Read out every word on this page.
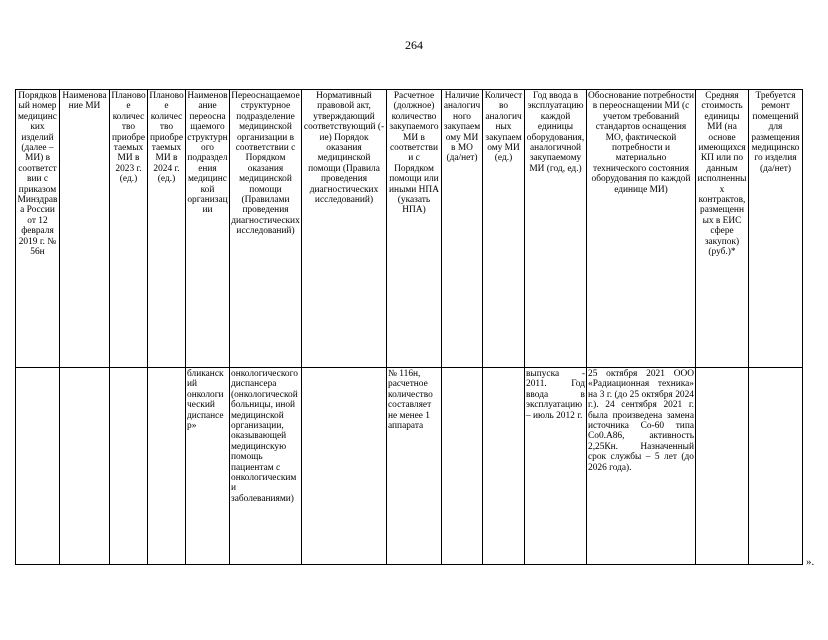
264
Порядковый номер медицинских изделий (далее – МИ) в соответствии с приказом Минздрава России от 12 февраля 2019 г. № 56н	Наименование МИ	Плановое количество приобретаемых МИ в 2023 г. (ед.)	Плановое количество приобретаемых МИ в 2024 г. (ед.)	Наименование переоснащаемого структурного подразделения медицинской организации	Переоснащаемое структурное подразделение медицинской организации в соответствии с Порядком оказания медицинской помощи (Правилами проведения диагностических исследований)	Нормативный правовой акт, утверждающий соответствующий (-ие) Порядок оказания медицинской помощи (Правила проведения диагностических исследований)	Расчетное (должное) количество закупаемого МИ в соответствии с Порядком помощи или иными НПА (указать НПА)	Наличие аналогичного закупаемому МИ в МО (да/нет)	Количество аналогичных закупаемому МИ (ед.)	Год ввода в эксплуатацию каждой единицы оборудования, аналогичной закупаемому МИ (год, ед.)	Обоснование потребности в переоснащении МИ (с учетом требований стандартов оснащения МО, фактической потребности и материально технического состояния оборудования по каждой единице МИ)	Средняя стоимость единицы МИ (на основе имеющихся КП или по данным исполненных контрактов, размещенных в ЕИС сфере закупок) (руб.)*	Требуется ремонт помещений для размещения медицинского изделия (да/нет)
				бликанский онкологический диспансер»	онкологического диспансера (онкологической больницы, иной медицинской организации, оказывающей медицинскую помощь пациентам с онкологическими заболеваниями)		№ 116н, расчетное количество составляет не менее 1 аппарата			выпуска - 2011. Год ввода в эксплуатацию – июль 2012 г.	25 октября 2021 ООО «Радиационная техника» на 3 г. (до 25 октября 2024 г.). 24 сентября 2021 г. была произведена замена источника Co-60 типа Co0.A86, активность 2,25Кн. Назначенный срок службы – 5 лет (до 2026 года).		
».
